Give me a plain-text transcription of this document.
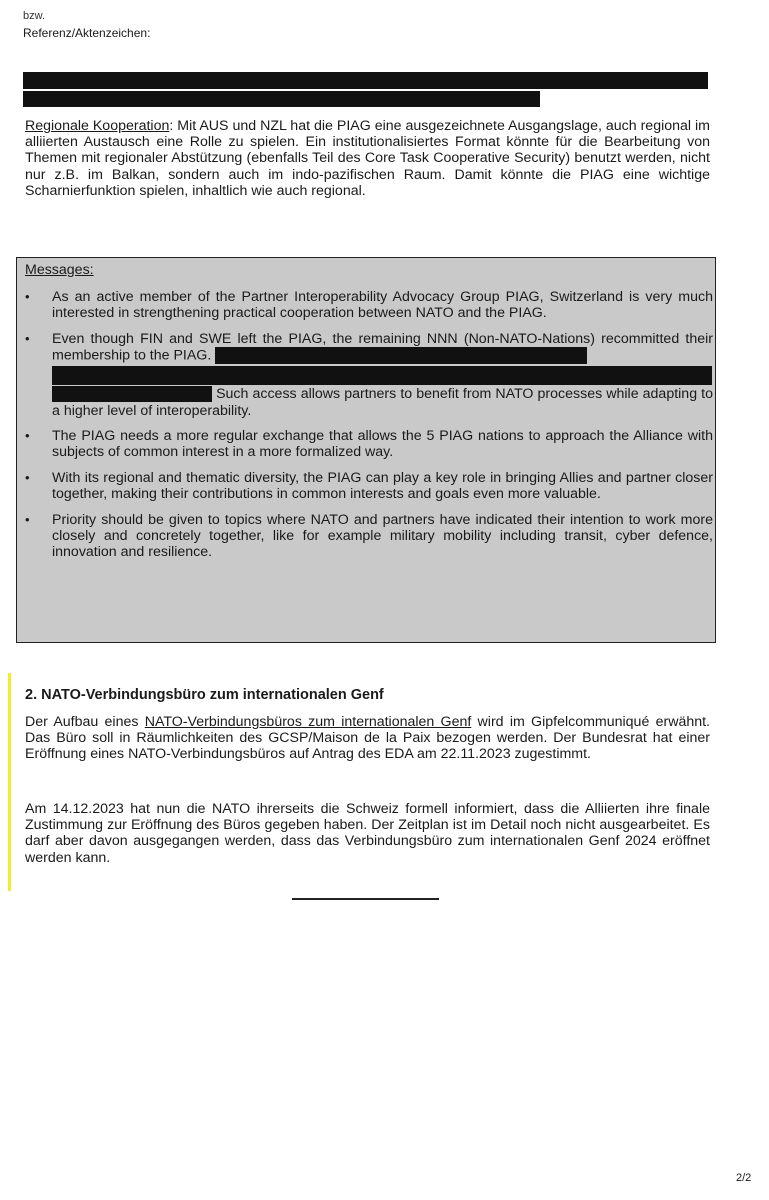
bzw.
Referenz/Aktenzeichen:
Regionale Kooperation: Mit AUS und NZL hat die PIAG eine ausgezeichnete Ausgangslage, auch regional im alliierten Austausch eine Rolle zu spielen. Ein institutionalisiertes Format könnte für die Bearbeitung von Themen mit regionaler Abstützung (ebenfalls Teil des Core Task Cooperative Security) benutzt werden, nicht nur z.B. im Balkan, sondern auch im indo-pazifischen Raum. Damit könnte die PIAG eine wichtige Scharnierfunktion spielen, inhaltlich wie auch regional.
Messages:
• As an active member of the Partner Interoperability Advocacy Group PIAG, Switzerland is very much interested in strengthening practical cooperation between NATO and the PIAG.
• Even though FIN and SWE left the PIAG, the remaining NNN (Non-NATO-Nations) recommitted their membership to the PIAG.
Such access allows partners to benefit from NATO processes while adapting to a higher level of interoperability.
• The PIAG needs a more regular exchange that allows the 5 PIAG nations to approach the Alliance with subjects of common interest in a more formalized way.
• With its regional and thematic diversity, the PIAG can play a key role in bringing Allies and partner closer together, making their contributions in common interests and goals even more valuable.
• Priority should be given to topics where NATO and partners have indicated their intention to work more closely and concretely together, like for example military mobility including transit, cyber defence, innovation and resilience.
2. NATO-Verbindungsbüro zum internationalen Genf
Der Aufbau eines NATO-Verbindungsbüros zum internationalen Genf wird im Gipfelcommuniqué erwähnt. Das Büro soll in Räumlichkeiten des GCSP/Maison de la Paix bezogen werden. Der Bundesrat hat einer Eröffnung eines NATO-Verbindungsbüros auf Antrag des EDA am 22.11.2023 zugestimmt.
Am 14.12.2023 hat nun die NATO ihrerseits die Schweiz formell informiert, dass die Alliierten ihre finale Zustimmung zur Eröffnung des Büros gegeben haben. Der Zeitplan ist im Detail noch nicht ausgearbeitet. Es darf aber davon ausgegangen werden, dass das Verbindungsbüro zum internationalen Genf 2024 eröffnet werden kann.
2/2
